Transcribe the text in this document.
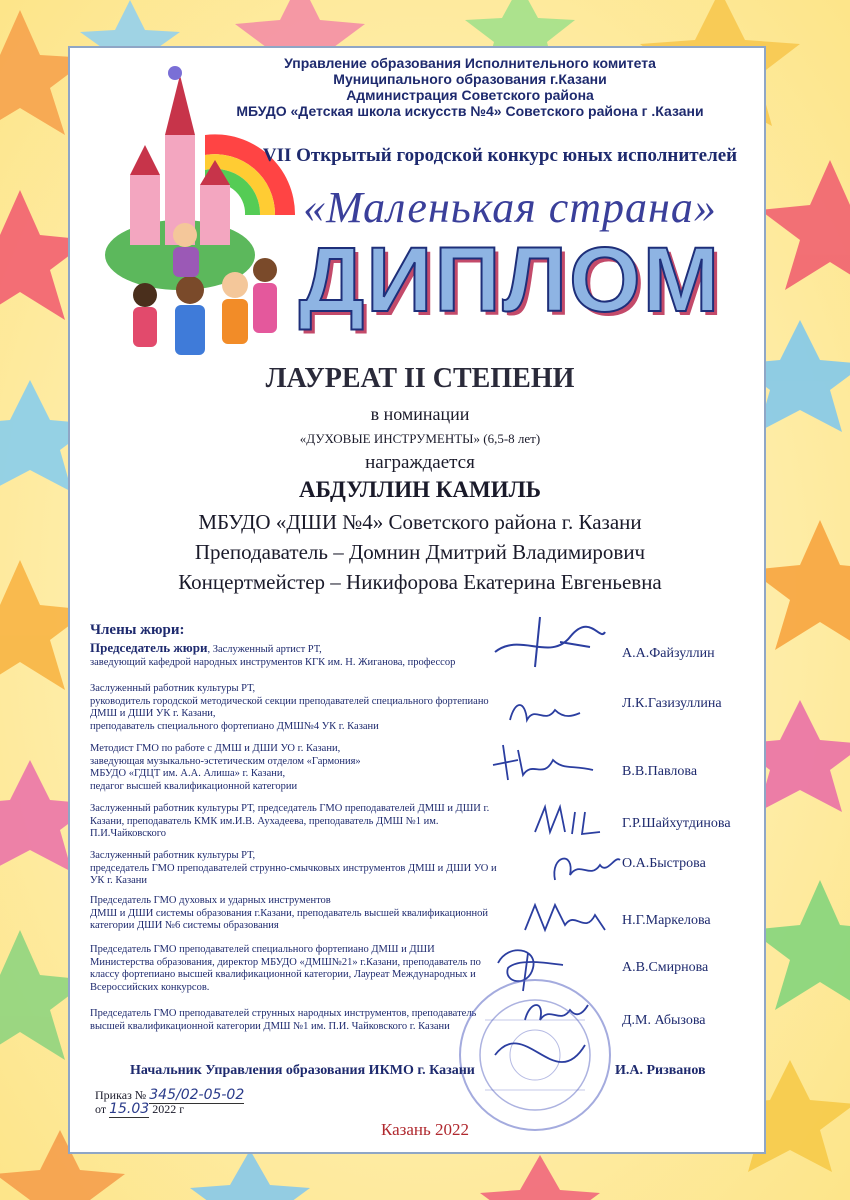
Управление образования Исполнительного комитета
Муниципального образования г.Казани
Администрация Советского района
МБУДО «Детская школа искусств №4» Советского района г .Казани
VII Открытый городской конкурс юных исполнителей
«Маленькая страна»
ДИПЛОМ
ЛАУРЕАТ II СТЕПЕНИ
в номинации
«ДУХОВЫЕ ИНСТРУМЕНТЫ» (6,5-8 лет)
награждается
АБДУЛЛИН КАМИЛЬ
МБУДО «ДШИ №4» Советского района г. Казани
Преподаватель – Домнин Дмитрий Владимирович
Концертмейстер – Никифорова Екатерина Евгеньевна
Члены жюри:
Председатель жюри, Заслуженный артист РТ,
заведующий кафедрой народных инструментов КГК им. Н. Жиганова, профессор
А.А.Файзуллин
Заслуженный работник культуры РТ,
руководитель городской методической секции преподавателей специального фортепиано ДМШ и ДШИ УК г. Казани,
преподаватель специального фортепиано ДМШ№4 УК г. Казани
Л.К.Газизуллина
Методист ГМО по работе с ДМШ и ДШИ УО г. Казани,
заведующая музыкально-эстетическим отделом «Гармония»
МБУДО «ГДЦТ им. А.А. Алиша» г. Казани,
педагог высшей квалификационной категории
В.В.Павлова
Заслуженный работник культуры РТ, председатель ГМО преподавателей ДМШ и ДШИ г. Казани, преподаватель КМК им.И.В. Аухадеева, преподаватель ДМШ №1 им. П.И.Чайковского
Г.Р.Шайхутдинова
Заслуженный работник культуры РТ,
председатель ГМО преподавателей струнно-смычковых инструментов ДМШ и ДШИ УО и УК г. Казани
О.А.Быстрова
Председатель ГМО духовых и ударных инструментов
ДМШ и ДШИ системы образования г.Казани, преподаватель высшей квалификационной категории ДШИ №6 системы образования	Н.Г.Маркелова
Председатель ГМО преподавателей специального фортепиано ДМШ и ДШИ Министерства образования, директор МБУДО «ДМШ№21» г.Казани, преподаватель по классу фортепиано высшей квалификационной категории, Лауреат Международных и Всероссийских конкурсов.
А.В.Смирнова
Председатель ГМО преподавателей струнных народных инструментов, преподаватель высшей квалификационной категории ДМШ №1 им. П.И. Чайковского г. Казани	Д.М. Абызова
Начальник Управления образования ИКМО г. Казани	И.А. Ризванов
Приказ № 345/02-05-02
от 15.03 2022 г
Казань 2022
